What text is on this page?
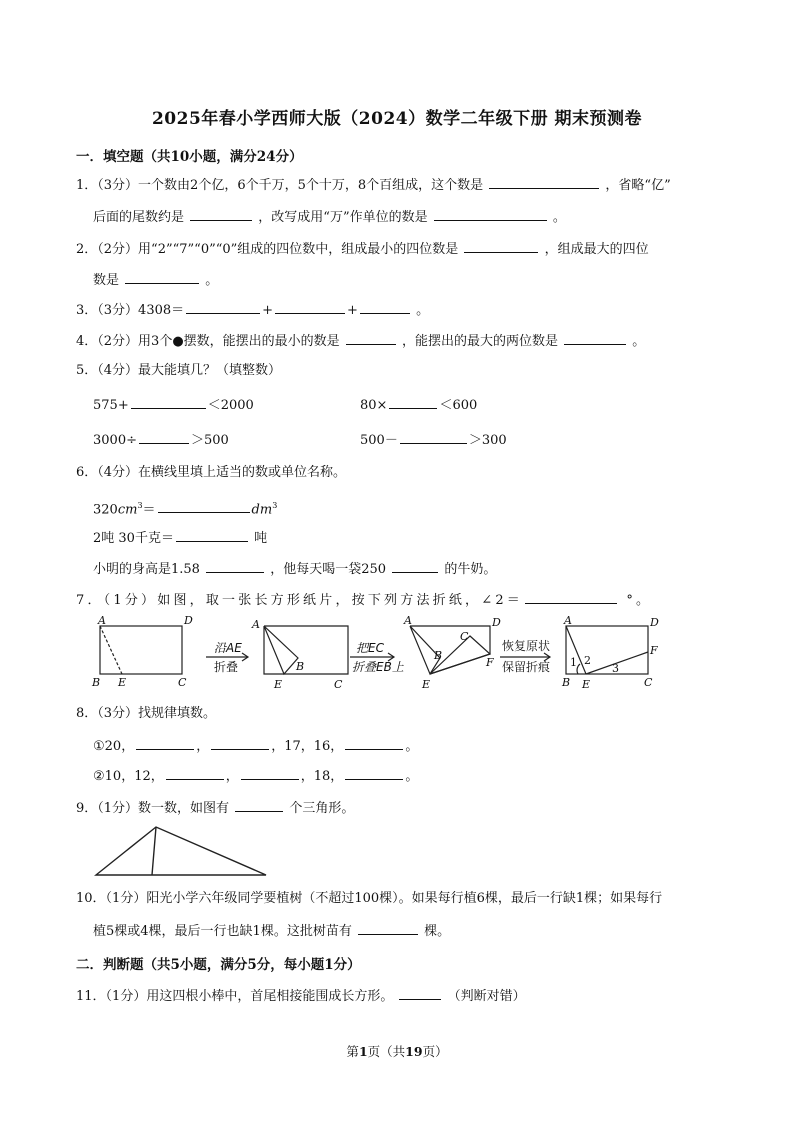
2025年春小学西师大版（2024）数学二年级下册 期末预测卷
一．填空题（共10小题，满分24分）
1．（3分）一个数由2个亿，6个千万，5个十万，8个百组成，这个数是	，省略“亿”
后面的尾数约是	，改写成用“万”作单位的数是	。
2．（2分）用“2”“7”“0”“0”组成的四位数中，组成最小的四位数是	，组成最大的四位
数是	。
3．（3分）4308＝	+	+	。
4．（2分）用3个●摆数，能摆出的最小的数是	，能摆出的最大的两位数是	。
5．（4分）最大能填几？（填整数）
575+	＜2000	80×	＜600
3000÷	＞500	500－	＞300
6．（4分）在横线里填上适当的数或单位名称。
$320cm^3=$	$dm^3$
2吨 30千克＝	吨
小明的身高是1.58	，他每天喝一袋250	的牛奶。
7．（1分）如图，取一张长方形纸片，按下列方法折纸，∠2＝	°。
A	D
B E	C
A
B
E	C
A
C
D
B
F
E
A	D
F
1 2
3
B E	C
沿AE
折叠
把EC
折叠EB上
恢复原状
保留折痕
8．（3分）找规律填数。
①20，	，	，17，16，	。
②10，12，	，	，18，	。
9．（1分）数一数，如图有	个三角形。
10．（1分）阳光小学六年级同学要植树（不超过100棵）。如果每行植6棵，最后一行缺1棵；如果每行
植5棵或4棵，最后一行也缺1棵。这批树苗有	棵。
二．判断题（共5小题，满分5分，每小题1分）
11．（1分）用这四根小棒中，首尾相接能围成长方形。	（判断对错）
第1页（共19页）
